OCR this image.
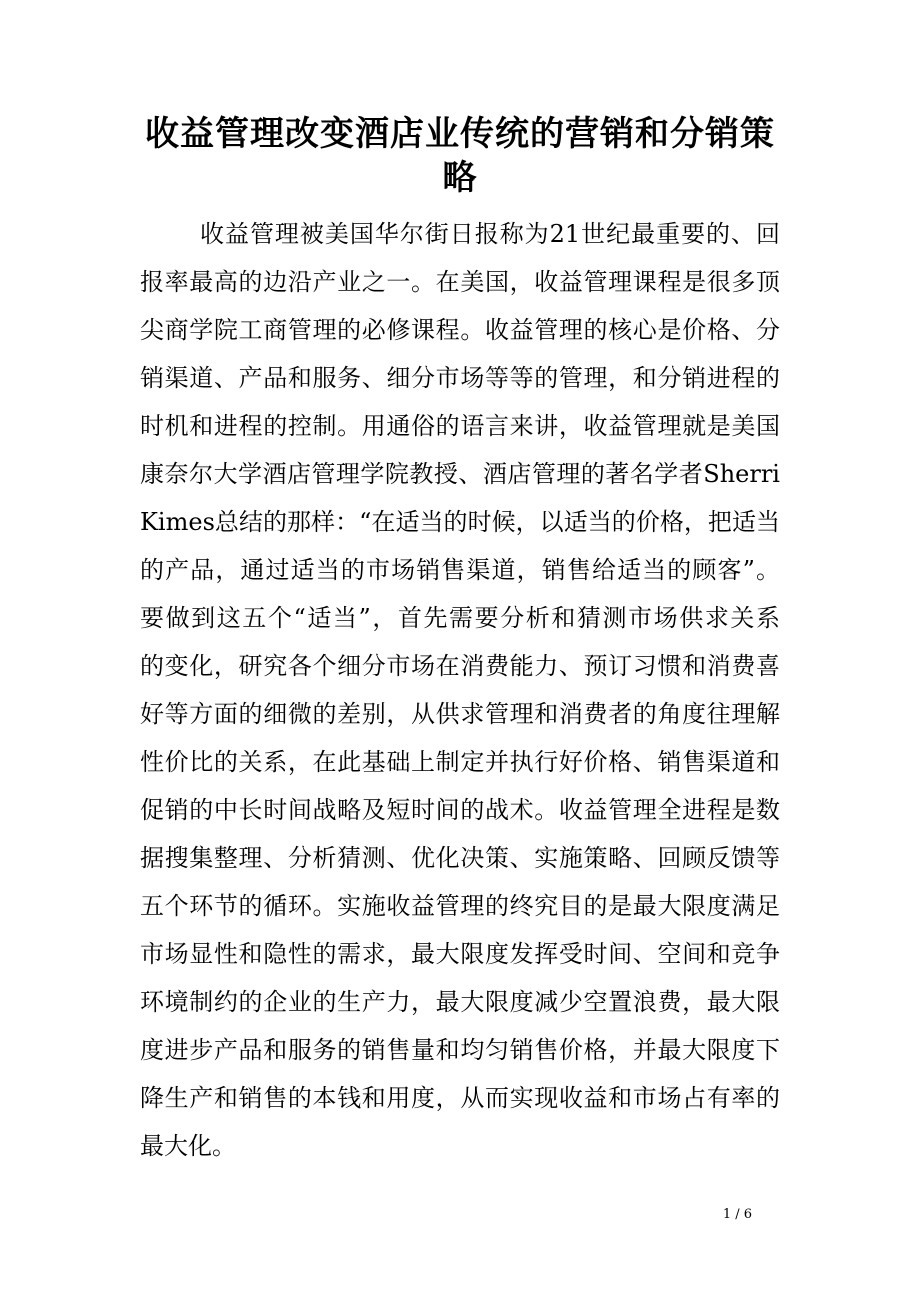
收益管理改变酒店业传统的营销和分销策
略
收益管理被美国华尔街日报称为21世纪最重要的、回
报率最高的边沿产业之一。在美国，收益管理课程是很多顶
尖商学院工商管理的必修课程。收益管理的核心是价格、分
销渠道、产品和服务、细分市场等等的管理，和分销进程的
时机和进程的控制。用通俗的语言来讲，收益管理就是美国
康奈尔大学酒店管理学院教授、酒店管理的著名学者Sherri
Kimes总结的那样：“在适当的时候，以适当的价格，把适当
的产品，通过适当的市场销售渠道，销售给适当的顾客”。
要做到这五个“适当”，首先需要分析和猜测市场供求关系
的变化，研究各个细分市场在消费能力、预订习惯和消费喜
好等方面的细微的差别，从供求管理和消费者的角度往理解
性价比的关系，在此基础上制定并执行好价格、销售渠道和
促销的中长时间战略及短时间的战术。收益管理全进程是数
据搜集整理、分析猜测、优化决策、实施策略、回顾反馈等
五个环节的循环。实施收益管理的终究目的是最大限度满足
市场显性和隐性的需求，最大限度发挥受时间、空间和竞争
环境制约的企业的生产力，最大限度减少空置浪费，最大限
度进步产品和服务的销售量和均匀销售价格，并最大限度下
降生产和销售的本钱和用度，从而实现收益和市场占有率的
最大化。
1 / 6
